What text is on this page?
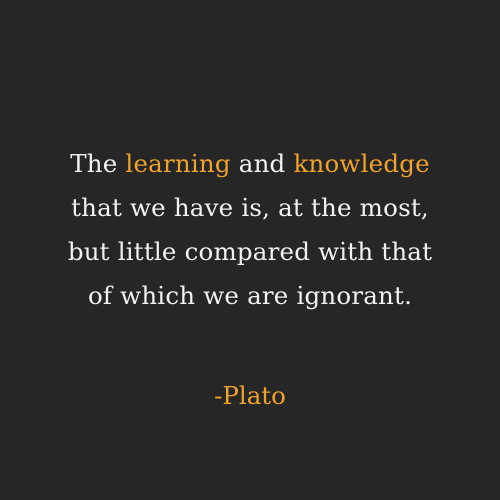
The learning and knowledge
that we have is, at the most,
but little compared with that
of which we are ignorant.

-Plato
